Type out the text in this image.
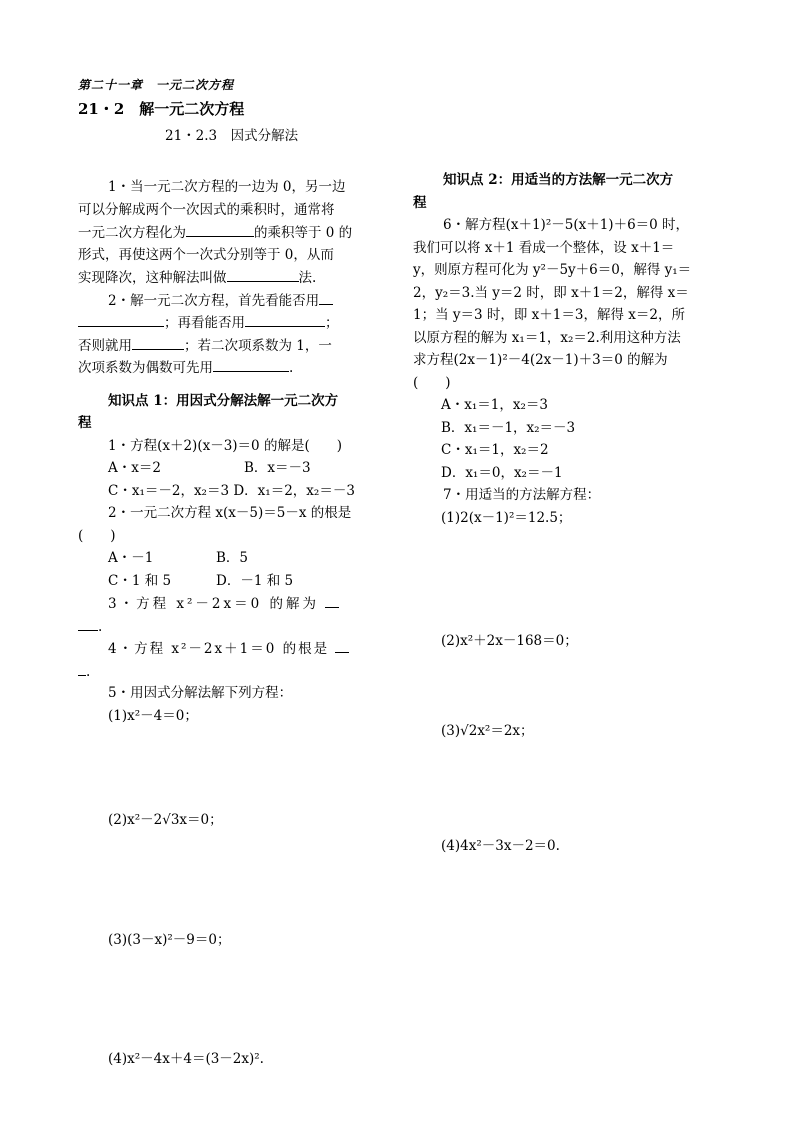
第二十一章　一元二次方程
21・2　解一元二次方程
21・2.3　因式分解法
1・当一元二次方程的一边为 0，另一边
可以分解成两个一次因式的乘积时，通常将
一元二次方程化为	的乘积等于 0 的
形式，再使这两个一次式分别等于 0，从而
实现降次，这种解法叫做	法.
2・解一元二次方程，首先看能否用
；再看能否用	；
否则就用	；若二次项系数为 1，一
次项系数为偶数可先用	.
知识点 1：用因式分解法解一元二次方
程
1・方程(x＋2)(x－3)＝0 的解是(　　)
A・x＝2	B．x＝－3
C・x₁＝－2，x₂＝3 D．x₁＝2，x₂＝－3
2・一元二次方程 x(x－5)＝5－x 的根是
(　　)
A・－1	B．5
C・1 和 5	D．－1 和 5
3・方程 x²－2x＝0 的解为
.
4・方程 x²－2x＋1＝0 的根是
.
5・用因式分解法解下列方程：
(1)x²－4＝0；
(2)x²－2√3x＝0；
(3)(3－x)²－9＝0；
(4)x²－4x＋4＝(3－2x)².
知识点 2：用适当的方法解一元二次方
程
6・解方程(x＋1)²－5(x＋1)＋6＝0 时，
我们可以将 x＋1 看成一个整体，设 x＋1＝
y，则原方程可化为 y²－5y＋6＝0，解得 y₁＝
2，y₂＝3.当 y＝2 时，即 x＋1＝2，解得 x＝
1；当 y＝3 时，即 x＋1＝3，解得 x＝2，所
以原方程的解为 x₁＝1，x₂＝2.利用这种方法
求方程(2x－1)²－4(2x－1)＋3＝0 的解为
(　　)
A・x₁＝1，x₂＝3
B．x₁＝－1，x₂＝－3
C・x₁＝1，x₂＝2
D．x₁＝0，x₂＝－1
7・用适当的方法解方程：
(1)2(x－1)²＝12.5；
(2)x²＋2x－168＝0；
(3)√2x²＝2x；
(4)4x²－3x－2＝0.
